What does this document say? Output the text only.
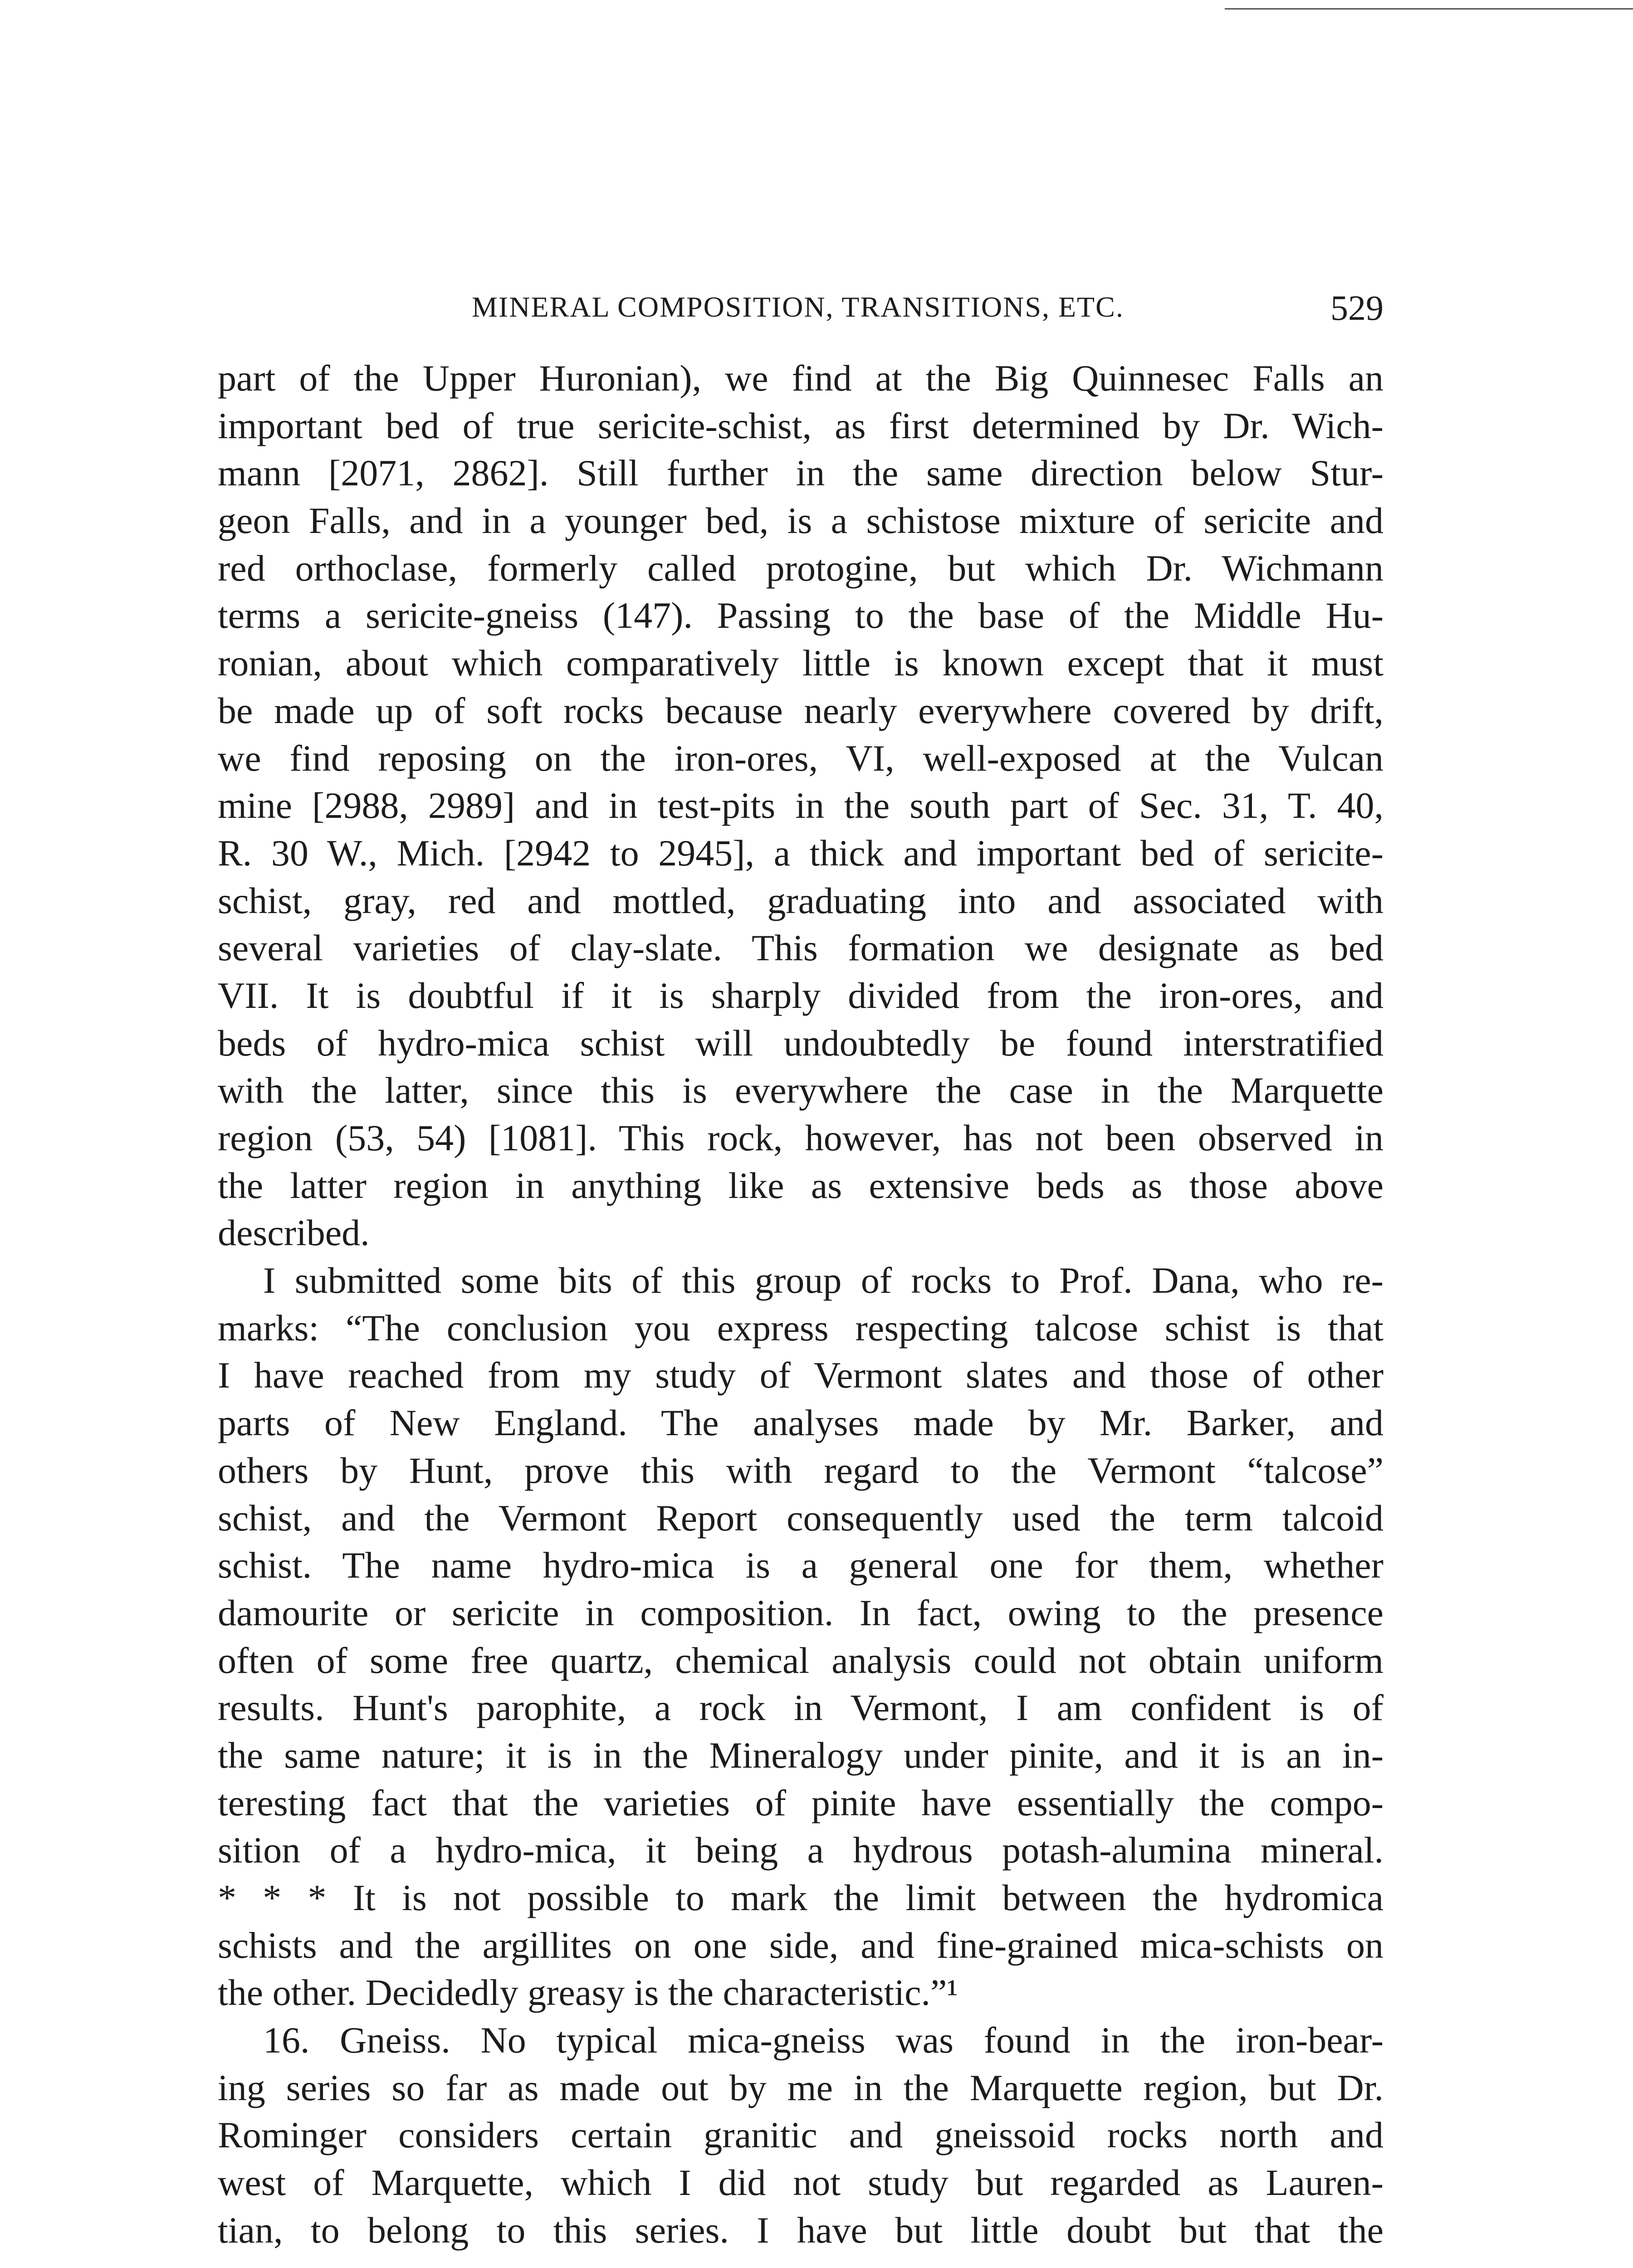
MINERAL COMPOSITION, TRANSITIONS, ETC.	529
part of the Upper Huronian), we find at the Big Quinnesec Falls an
important bed of true sericite-schist, as first determined by Dr. Wich-
mann [2071, 2862]. Still further in the same direction below Stur-
geon Falls, and in a younger bed, is a schistose mixture of sericite and
red orthoclase, formerly called protogine, but which Dr. Wichmann
terms a sericite-gneiss (147). Passing to the base of the Middle Hu-
ronian, about which comparatively little is known except that it must
be made up of soft rocks because nearly everywhere covered by drift,
we find reposing on the iron-ores, VI, well-exposed at the Vulcan
mine [2988, 2989] and in test-pits in the south part of Sec. 31, T. 40,
R. 30 W., Mich. [2942 to 2945], a thick and important bed of sericite-
schist, gray, red and mottled, graduating into and associated with
several varieties of clay-slate. This formation we designate as bed
VII. It is doubtful if it is sharply divided from the iron-ores, and
beds of hydro-mica schist will undoubtedly be found interstratified
with the latter, since this is everywhere the case in the Marquette
region (53, 54) [1081]. This rock, however, has not been observed in
the latter region in anything like as extensive beds as those above
described.
I submitted some bits of this group of rocks to Prof. Dana, who re-
marks: “The conclusion you express respecting talcose schist is that
I have reached from my study of Vermont slates and those of other
parts of New England. The analyses made by Mr. Barker, and
others by Hunt, prove this with regard to the Vermont “talcose”
schist, and the Vermont Report consequently used the term talcoid
schist. The name hydro-mica is a general one for them, whether
damourite or sericite in composition. In fact, owing to the presence
often of some free quartz, chemical analysis could not obtain uniform
results. Hunt's parophite, a rock in Vermont, I am confident is of
the same nature; it is in the Mineralogy under pinite, and it is an in-
teresting fact that the varieties of pinite have essentially the compo-
sition of a hydro-mica, it being a hydrous potash-alumina mineral.
* * * It is not possible to mark the limit between the hydromica
schists and the argillites on one side, and fine-grained mica-schists on
the other. Decidedly greasy is the characteristic.”¹
16. Gneiss. No typical mica-gneiss was found in the iron-bear-
ing series so far as made out by me in the Marquette region, but Dr.
Rominger considers certain granitic and gneissoid rocks north and
west of Marquette, which I did not study but regarded as Lauren-
tian, to belong to this series. I have but little doubt but that the
